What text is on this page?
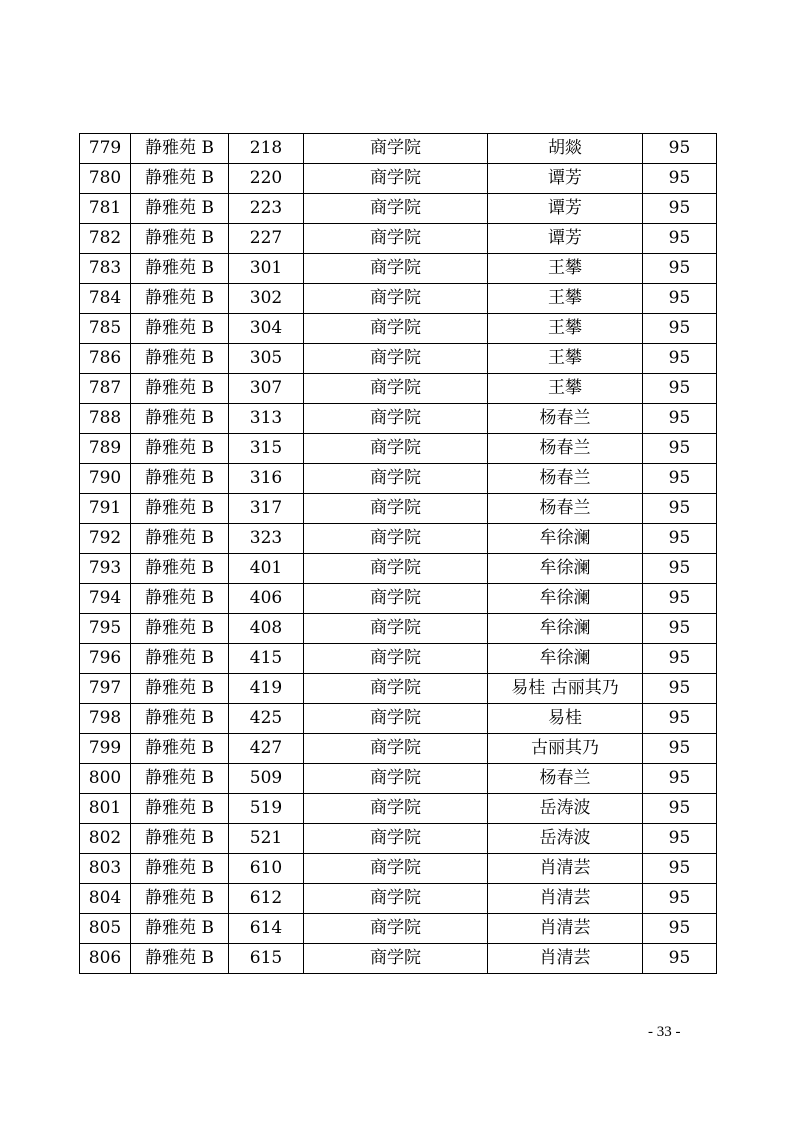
779	静雅苑 B	218	商学院	胡燚	95
780	静雅苑 B	220	商学院	谭芳	95
781	静雅苑 B	223	商学院	谭芳	95
782	静雅苑 B	227	商学院	谭芳	95
783	静雅苑 B	301	商学院	王攀	95
784	静雅苑 B	302	商学院	王攀	95
785	静雅苑 B	304	商学院	王攀	95
786	静雅苑 B	305	商学院	王攀	95
787	静雅苑 B	307	商学院	王攀	95
788	静雅苑 B	313	商学院	杨春兰	95
789	静雅苑 B	315	商学院	杨春兰	95
790	静雅苑 B	316	商学院	杨春兰	95
791	静雅苑 B	317	商学院	杨春兰	95
792	静雅苑 B	323	商学院	牟徐澜	95
793	静雅苑 B	401	商学院	牟徐澜	95
794	静雅苑 B	406	商学院	牟徐澜	95
795	静雅苑 B	408	商学院	牟徐澜	95
796	静雅苑 B	415	商学院	牟徐澜	95
797	静雅苑 B	419	商学院	易桂 古丽其乃	95
798	静雅苑 B	425	商学院	易桂	95
799	静雅苑 B	427	商学院	古丽其乃	95
800	静雅苑 B	509	商学院	杨春兰	95
801	静雅苑 B	519	商学院	岳涛波	95
802	静雅苑 B	521	商学院	岳涛波	95
803	静雅苑 B	610	商学院	肖清芸	95
804	静雅苑 B	612	商学院	肖清芸	95
805	静雅苑 B	614	商学院	肖清芸	95
806	静雅苑 B	615	商学院	肖清芸	95
- 33 -
